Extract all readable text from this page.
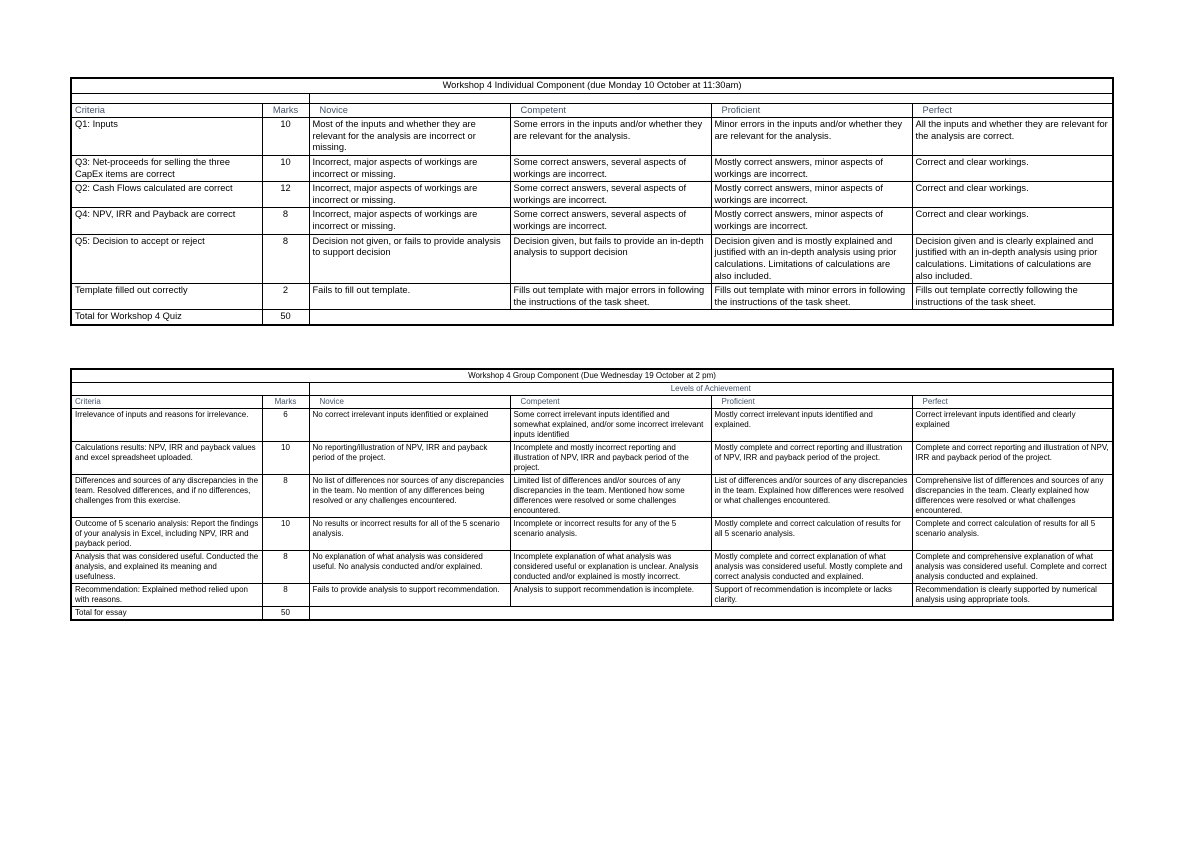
Workshop 4 Individual Component (due Monday 10 October at 11:30am)					

Criteria	Marks	Novice	Competent	Proficient	Perfect
Q1: Inputs	10	Most of the inputs and whether they are relevant for the analysis are incorrect or missing.	Some errors in the inputs and/or whether they are relevant for the analysis.	Minor errors in the inputs and/or whether they are relevant for the analysis.	All the inputs and whether they are relevant for the analysis are correct.
Q3: Net-proceeds for selling the three CapEx items are correct	10	Incorrect, major aspects of workings are incorrect or missing.	Some correct answers, several aspects of workings are incorrect.	Mostly correct answers, minor aspects of workings are incorrect.	Correct and clear workings.
Q2: Cash Flows calculated are correct	12	Incorrect, major aspects of workings are incorrect or missing.	Some correct answers, several aspects of workings are incorrect.	Mostly correct answers, minor aspects of workings are incorrect.	Correct and clear workings.
Q4: NPV, IRR and Payback are correct	8	Incorrect, major aspects of workings are incorrect or missing.	Some correct answers, several aspects of workings are incorrect.	Mostly correct answers, minor aspects of workings are incorrect.	Correct and clear workings.
Q5: Decision to accept or reject	8	Decision not given, or fails to provide analysis to support decision	Decision given, but fails to provide an in-depth analysis to support decision	Decision given and is mostly explained and justified with an in-depth analysis using prior calculations. Limitations of calculations are also included.	Decision given and is clearly explained and justified with an in-depth analysis using prior calculations. Limitations of calculations are also included.
Template filled out correctly	2	Fails to fill out template.	Fills out template with major errors in following the instructions of the task sheet.	Fills out template with minor errors in following the instructions of the task sheet.	Fills out template correctly following the instructions of the task sheet.
Total for Workshop 4 Quiz	50				
Workshop 4 Group Component (Due Wednesday 19 October at 2 pm)					
		Levels of Achievement			
Criteria	Marks	Novice	Competent	Proficient	Perfect
Irrelevance of inputs and reasons for irrelevance.	6	No correct irrelevant inputs idenfitied or explained	Some correct irrelevant inputs identified and somewhat explained, and/or some incorrect irrelevant inputs identified	Mostly correct irrelevant inputs identified and explained.	Correct irrelevant inputs identified and clearly explained
Calculations results: NPV, IRR and payback values and excel spreadsheet uploaded.	10	No reporting/illustration of NPV, IRR and payback period of the project.	Incomplete and mostly incorrect reporting and illustration of NPV, IRR and payback period of the project.	Mostly complete and correct reporting and illustration of NPV, IRR and payback period of the project.	Complete and correct reporting and illustration of NPV, IRR and payback period of the project.
Differences and sources of any discrepancies in the team. Resolved differences, and if no differences, challenges from this exercise.	8	No list of differences nor sources of any discrepancies in the team. No mention of any differences being resolved or any challenges encountered.	Limited list of differences and/or sources of any discrepancies in the team. Mentioned how some differences were resolved or some challenges encountered.	List of differences and/or sources of any discrepancies in the team. Explained how differences were resolved or what challenges encountered.	Comprehensive list of differences and sources of any discrepancies in the team. Clearly explained how differences were resolved or what challenges encountered.
Outcome of 5 scenario analysis: Report the findings of your analysis in Excel, including NPV, IRR and payback period.	10	No results or incorrect results for all of the 5 scenario analysis.	Incomplete or incorrect results for any of the 5 scenario analysis.	Mostly complete and correct calculation of results for all 5 scenario analysis.	Complete and correct calculation of results for all 5 scenario analysis.
Analysis that was considered useful. Conducted the analysis, and explained its meaning and usefulness.	8	No explanation of what analysis was considered useful. No analysis conducted and/or explained.	Incomplete explanation of what analysis was considered useful or explanation is unclear. Analysis conducted and/or explained is mostly incorrect.	Mostly complete and correct explanation of what analysis was considered useful. Mostly complete and correct analysis conducted and explained.	Complete and comprehensive explanation of what analysis was considered useful. Complete and correct analysis conducted and explained.
Recommendation: Explained method relied upon with reasons.	8	Fails to provide analysis to support recommendation.	Analysis to support recommendation is incomplete.	Support of recommendation is incomplete or lacks clarity.	Recommendation is clearly supported by numerical analysis using appropriate tools.
Total for essay	50				
